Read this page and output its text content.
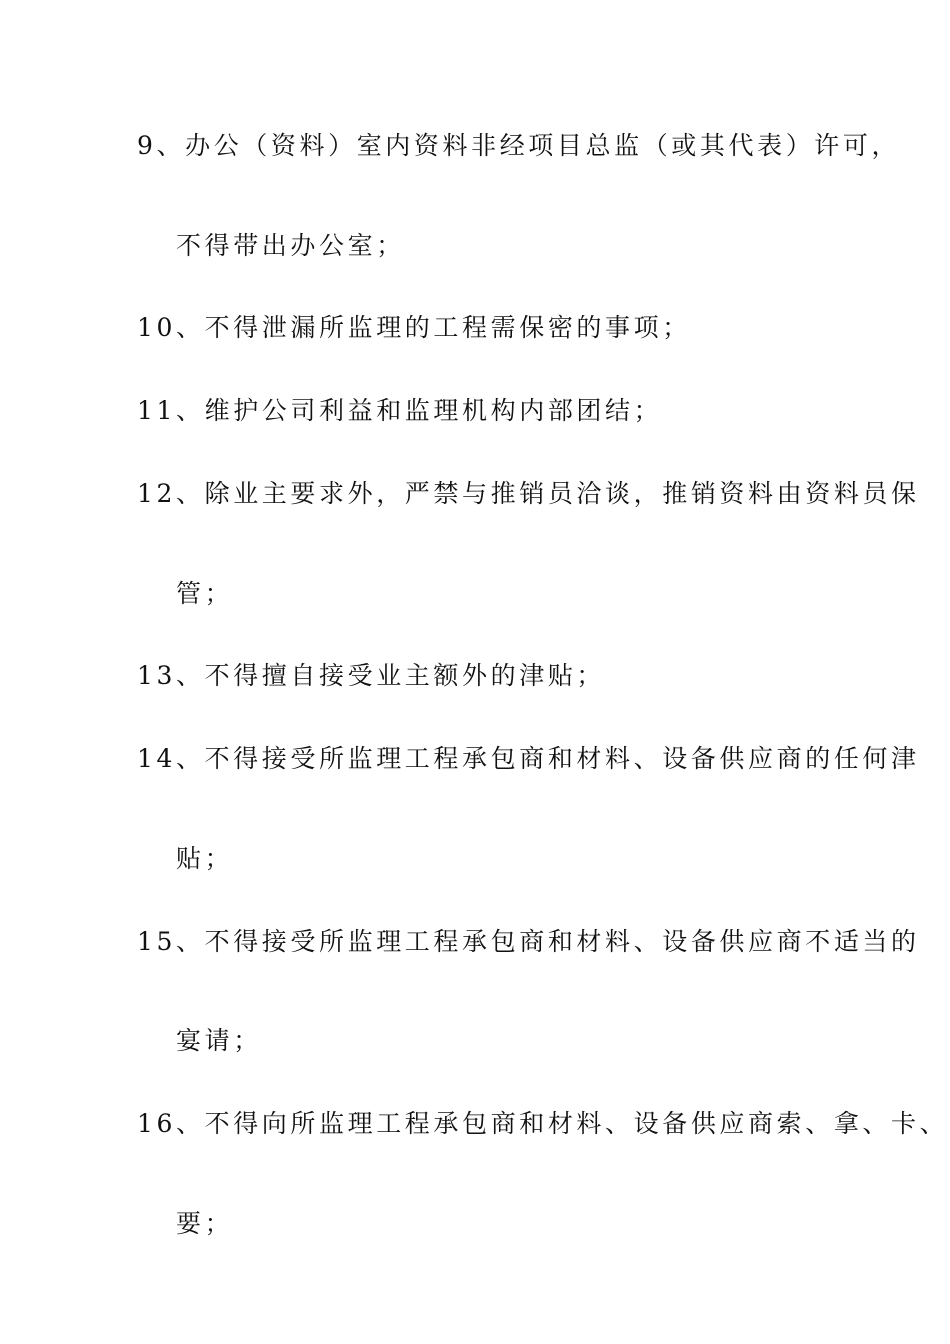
9、办公（资料）室内资料非经项目总监（或其代表）许可，
不得带出办公室；
10、不得泄漏所监理的工程需保密的事项；
11、维护公司利益和监理机构内部团结；
12、除业主要求外，严禁与推销员洽谈，推销资料由资料员保
管；
13、不得擅自接受业主额外的津贴；
14、不得接受所监理工程承包商和材料、设备供应商的任何津
贴；
15、不得接受所监理工程承包商和材料、设备供应商不适当的
宴请；
16、不得向所监理工程承包商和材料、设备供应商索、拿、卡、
要；
